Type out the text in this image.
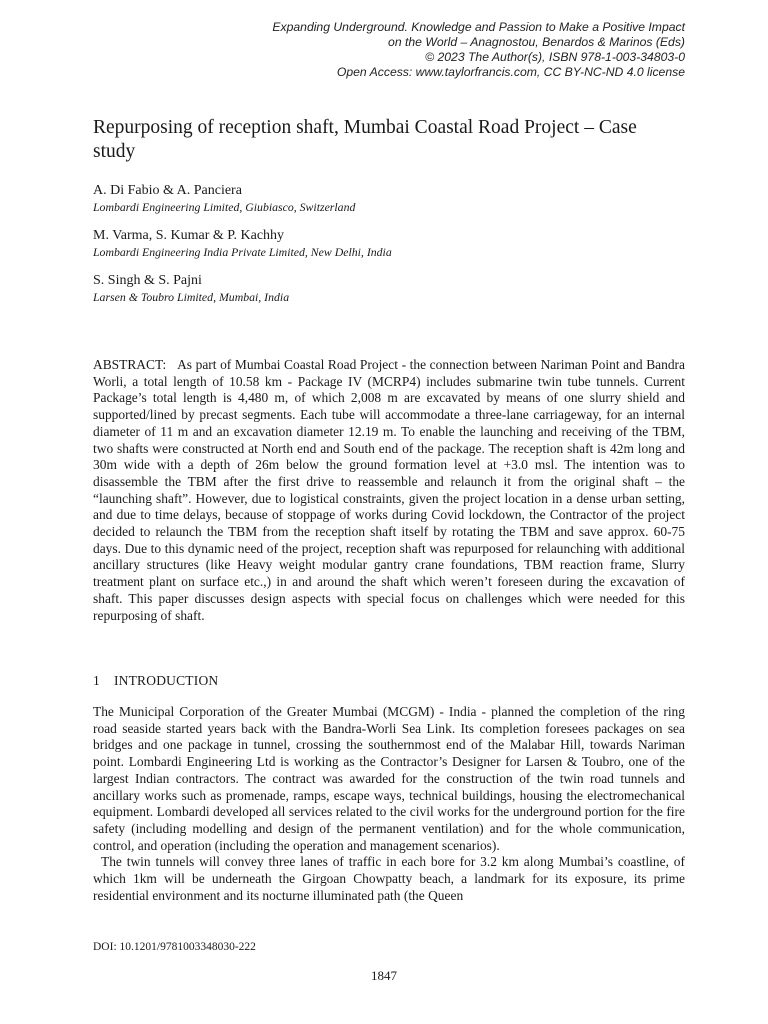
Expanding Underground. Knowledge and Passion to Make a Positive Impact
on the World – Anagnostou, Benardos & Marinos (Eds)
© 2023 The Author(s), ISBN 978-1-003-34803-0
Open Access: www.taylorfrancis.com, CC BY-NC-ND 4.0 license
Repurposing of reception shaft, Mumbai Coastal Road Project – Case study
A. Di Fabio & A. Panciera
Lombardi Engineering Limited, Giubiasco, Switzerland
M. Varma, S. Kumar & P. Kachhy
Lombardi Engineering India Private Limited, New Delhi, India
S. Singh & S. Pajni
Larsen & Toubro Limited, Mumbai, India

ABSTRACT: As part of Mumbai Coastal Road Project - the connection between Nariman Point and Bandra Worli, a total length of 10.58 km - Package IV (MCRP4) includes submarine twin tube tunnels. Current Package’s total length is 4,480 m, of which 2,008 m are excavated by means of one slurry shield and supported/lined by precast segments. Each tube will accommodate a three-lane carriageway, for an internal diameter of 11 m and an excavation diameter 12.19 m. To enable the launching and receiving of the TBM, two shafts were constructed at North end and South end of the package. The reception shaft is 42m long and 30m wide with a depth of 26m below the ground formation level at +3.0 msl. The intention was to disassemble the TBM after the first drive to reassemble and relaunch it from the original shaft – the “launching shaft”. However, due to logistical constraints, given the project location in a dense urban setting, and due to time delays, because of stoppage of works during Covid lockdown, the Contractor of the project decided to relaunch the TBM from the reception shaft itself by rotating the TBM and save approx. 60-75 days. Due to this dynamic need of the project, reception shaft was repurposed for relaunching with additional ancillary structures (like Heavy weight modular gantry crane foundations, TBM reaction frame, Slurry treatment plant on surface etc.,) in and around the shaft which weren’t foreseen during the excavation of shaft. This paper discusses design aspects with special focus on challenges which were needed for this repurposing of shaft.

1 INTRODUCTION

The Municipal Corporation of the Greater Mumbai (MCGM) - India - planned the completion of the ring road seaside started years back with the Bandra-Worli Sea Link. Its completion foresees packages on sea bridges and one package in tunnel, crossing the southernmost end of the Malabar Hill, towards Nariman point. Lombardi Engineering Ltd is working as the Contractor’s Designer for Larsen & Toubro, one of the largest Indian contractors. The contract was awarded for the construction of the twin road tunnels and ancillary works such as promenade, ramps, escape ways, technical buildings, housing the electromechanical equipment. Lombardi developed all services related to the civil works for the underground portion for the fire safety (including modelling and design of the permanent ventilation) and for the whole communication, control, and operation (including the operation and management scenarios).

The twin tunnels will convey three lanes of traffic in each bore for 3.2 km along Mumbai’s coastline, of which 1km will be underneath the Girgoan Chowpatty beach, a landmark for its exposure, its prime residential environment and its nocturne illuminated path (the Queen

DOI: 10.1201/9781003348030-222
1847
